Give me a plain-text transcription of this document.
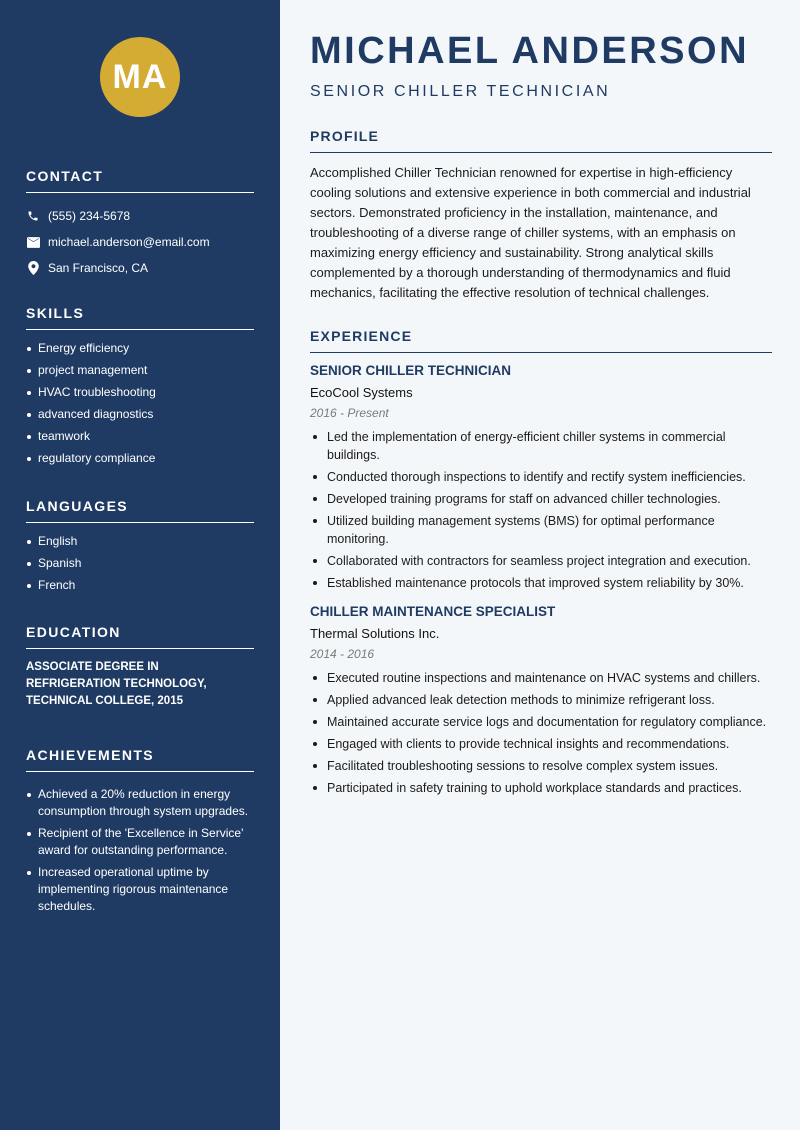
MA
CONTACT
(555) 234-5678
michael.anderson@email.com
San Francisco, CA
SKILLS
Energy efficiency
project management
HVAC troubleshooting
advanced diagnostics
teamwork
regulatory compliance
LANGUAGES
English
Spanish
French
EDUCATION
ASSOCIATE DEGREE IN REFRIGERATION TECHNOLOGY, TECHNICAL COLLEGE, 2015
ACHIEVEMENTS
Achieved a 20% reduction in energy consumption through system upgrades.
Recipient of the 'Excellence in Service' award for outstanding performance.
Increased operational uptime by implementing rigorous maintenance schedules.
MICHAEL ANDERSON
SENIOR CHILLER TECHNICIAN
PROFILE

Accomplished Chiller Technician renowned for expertise in high-efficiency cooling solutions and extensive experience in both commercial and industrial sectors. Demonstrated proficiency in the installation, maintenance, and troubleshooting of a diverse range of chiller systems, with an emphasis on maximizing energy efficiency and sustainability. Strong analytical skills complemented by a thorough understanding of thermodynamics and fluid mechanics, facilitating the effective resolution of technical challenges.

EXPERIENCE
SENIOR CHILLER TECHNICIAN
EcoCool Systems
2016 - Present
Led the implementation of energy-efficient chiller systems in commercial buildings.
Conducted thorough inspections to identify and rectify system inefficiencies.
Developed training programs for staff on advanced chiller technologies.
Utilized building management systems (BMS) for optimal performance monitoring.
Collaborated with contractors for seamless project integration and execution.
Established maintenance protocols that improved system reliability by 30%.
CHILLER MAINTENANCE SPECIALIST
Thermal Solutions Inc.
2014 - 2016
Executed routine inspections and maintenance on HVAC systems and chillers.
Applied advanced leak detection methods to minimize refrigerant loss.
Maintained accurate service logs and documentation for regulatory compliance.
Engaged with clients to provide technical insights and recommendations.
Facilitated troubleshooting sessions to resolve complex system issues.
Participated in safety training to uphold workplace standards and practices.
